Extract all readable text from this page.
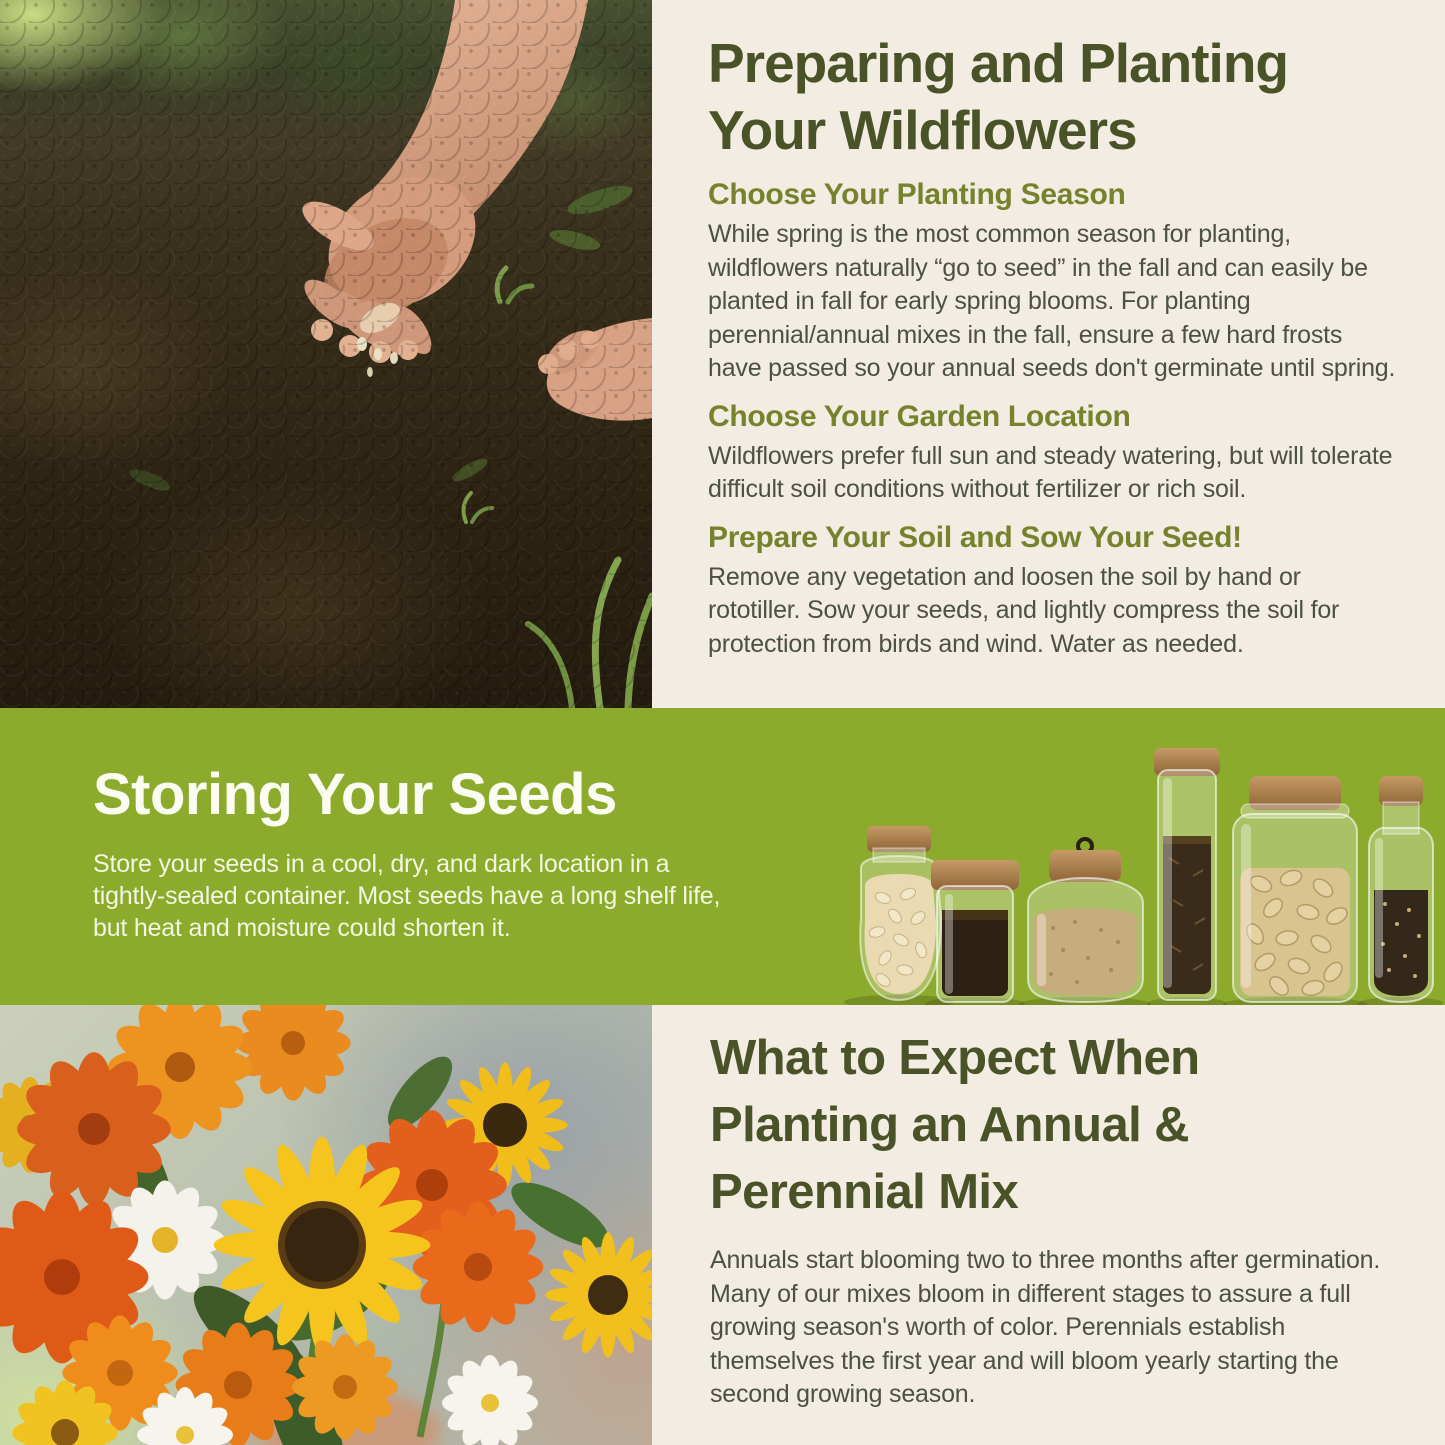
Preparing and Planting Your Wildflowers
Choose Your Planting Season

While spring is the most common season for planting, wildflowers naturally “go to seed” in the fall and can easily be planted in fall for early spring blooms. For planting perennial/annual mixes in the fall, ensure a few hard frosts have passed so your annual seeds don't germinate until spring.

Choose Your Garden Location

Wildflowers prefer full sun and steady watering, but will tolerate difficult soil conditions without fertilizer or rich soil.

Prepare Your Soil and Sow Your Seed!

Remove any vegetation and loosen the soil by hand or rototiller. Sow your seeds, and lightly compress the soil for protection from birds and wind. Water as needed.

Storing Your Seeds

Store your seeds in a cool, dry, and dark location in a tightly-sealed container. Most seeds have a long shelf life, but heat and moisture could shorten it.

What to Expect When Planting an Annual & Perennial Mix

Annuals start blooming two to three months after germination. Many of our mixes bloom in different stages to assure a full growing season's worth of color. Perennials establish themselves the first year and will bloom yearly starting the second growing season.
